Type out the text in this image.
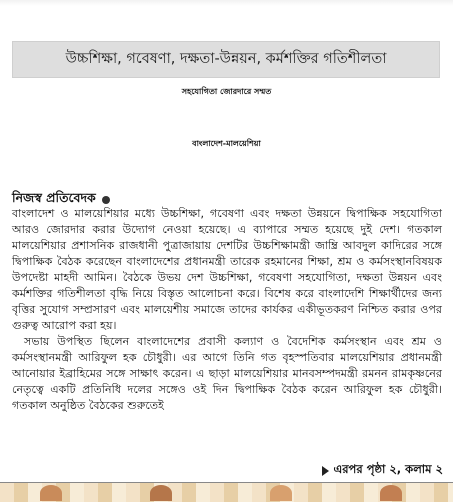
উচ্চশিক্ষা, গবেষণা, দক্ষতা-উন্নয়ন, কর্মশক্তির গতিশীলতা
সহযোগিতা জোরদারে সম্মত
বাংলাদেশ-মালয়েশিয়া
নিজস্ব প্রতিবেদক

বাংলাদেশ ও মালয়েশিয়ার মধ্যে উচ্চশিক্ষা, গবেষণা এবং দক্ষতা উন্নয়নে দ্বিপাক্ষিক সহযোগিতা আরও জোরদার করার উদ্যোগ নেওয়া হয়েছে। এ ব্যাপারে সম্মত হয়েছে দুই দেশ। গতকাল মালয়েশিয়ার প্রশাসনিক রাজধানী পুত্রাজায়ায় দেশটির উচ্চশিক্ষামন্ত্রী জাম্ব্রি আবদুল কাদিরের সঙ্গে দ্বিপাক্ষিক বৈঠক করেছেন বাংলাদেশের প্রধানমন্ত্রী তারেক রহমানের শিক্ষা, শ্রম ও কর্মসংস্থানবিষয়ক উপদেষ্টা মাহদী আমিন। বৈঠকে উভয় দেশ উচ্চশিক্ষা, গবেষণা সহযোগিতা, দক্ষতা উন্নয়ন এবং কর্মশক্তির গতিশীলতা বৃদ্ধি নিয়ে বিস্তৃত আলোচনা করে। বিশেষ করে বাংলাদেশি শিক্ষার্থীদের জন্য বৃত্তির সুযোগ সম্প্রসারণ এবং মালয়েশীয় সমাজে তাদের কার্যকর একীভূতকরণ নিশ্চিত করার ওপর গুরুত্ব আরোপ করা হয়।

সভায় উপস্থিত ছিলেন বাংলাদেশের প্রবাসী কল্যাণ ও বৈদেশিক কর্মসংস্থান এবং শ্রম ও কর্মসংস্থানমন্ত্রী আরিফুল হক চৌধুরী। এর আগে তিনি গত বৃহস্পতিবার মালয়েশিয়ার প্রধানমন্ত্রী আনোয়ার ইব্রাহিমের সঙ্গে সাক্ষাৎ করেন। এ ছাড়া মালয়েশিয়ার মানবসম্পদমন্ত্রী রমনন রামকৃষ্ণনের নেতৃত্বে একটি প্রতিনিধি দলের সঙ্গেও ওই দিন দ্বিপাক্ষিক বৈঠক করেন আরিফুল হক চৌধুরী। গতকাল অনুষ্ঠিত বৈঠকের শুরুতেই

এরপর পৃষ্ঠা ২, কলাম ২
